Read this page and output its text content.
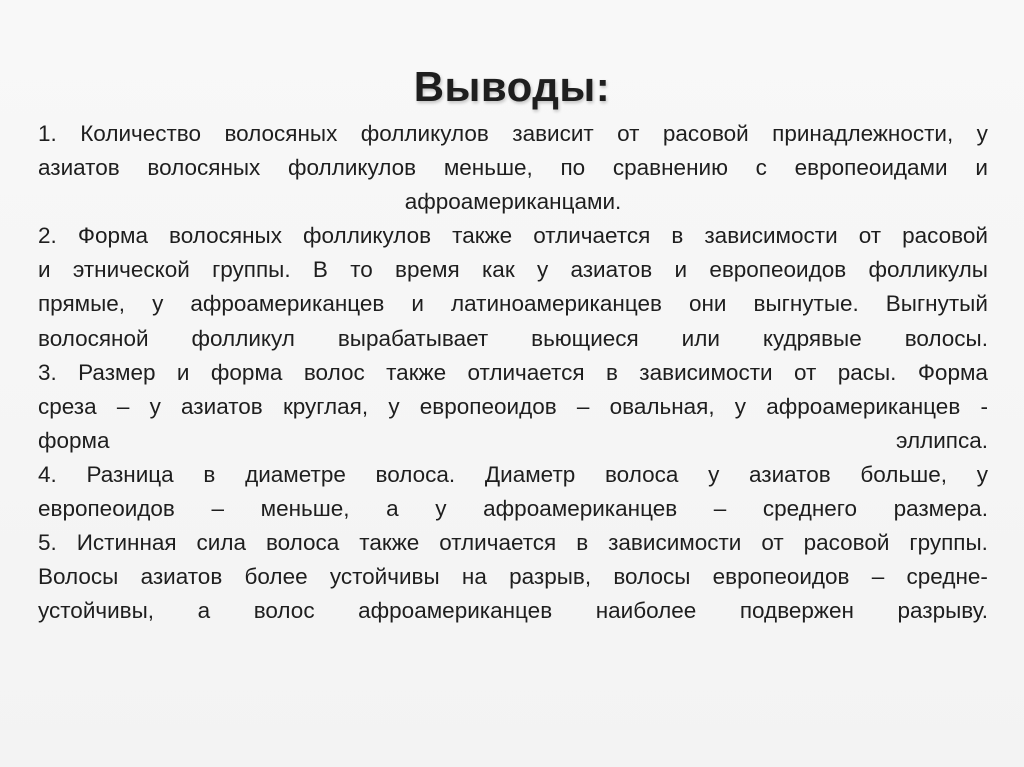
Выводы:
1. Количество волосяных фолликулов зависит от расовой принадлежности, у
азиатов волосяных фолликулов меньше, по сравнению с европеоидами и
афроамериканцами.
2. Форма волосяных фолликулов также отличается в зависимости от расовой
и этнической группы. В то время как у азиатов и европеоидов фолликулы
прямые, у афроамериканцев и латиноамериканцев они выгнутые. Выгнутый
волосяной фолликул вырабатывает вьющиеся или кудрявые волосы.
3. Размер и форма волос также отличается в зависимости от расы. Форма
среза – у азиатов круглая, у европеоидов – овальная, у афроамериканцев -
форма	эллипса.
4. Разница в диаметре волоса. Диаметр волоса у азиатов больше, у
европеоидов – меньше, а у афроамериканцев – среднего размера.
5. Истинная сила волоса также отличается в зависимости от расовой группы.
Волосы азиатов более устойчивы на разрыв, волосы европеоидов – средне-
устойчивы, а волос афроамериканцев наиболее подвержен разрыву.
